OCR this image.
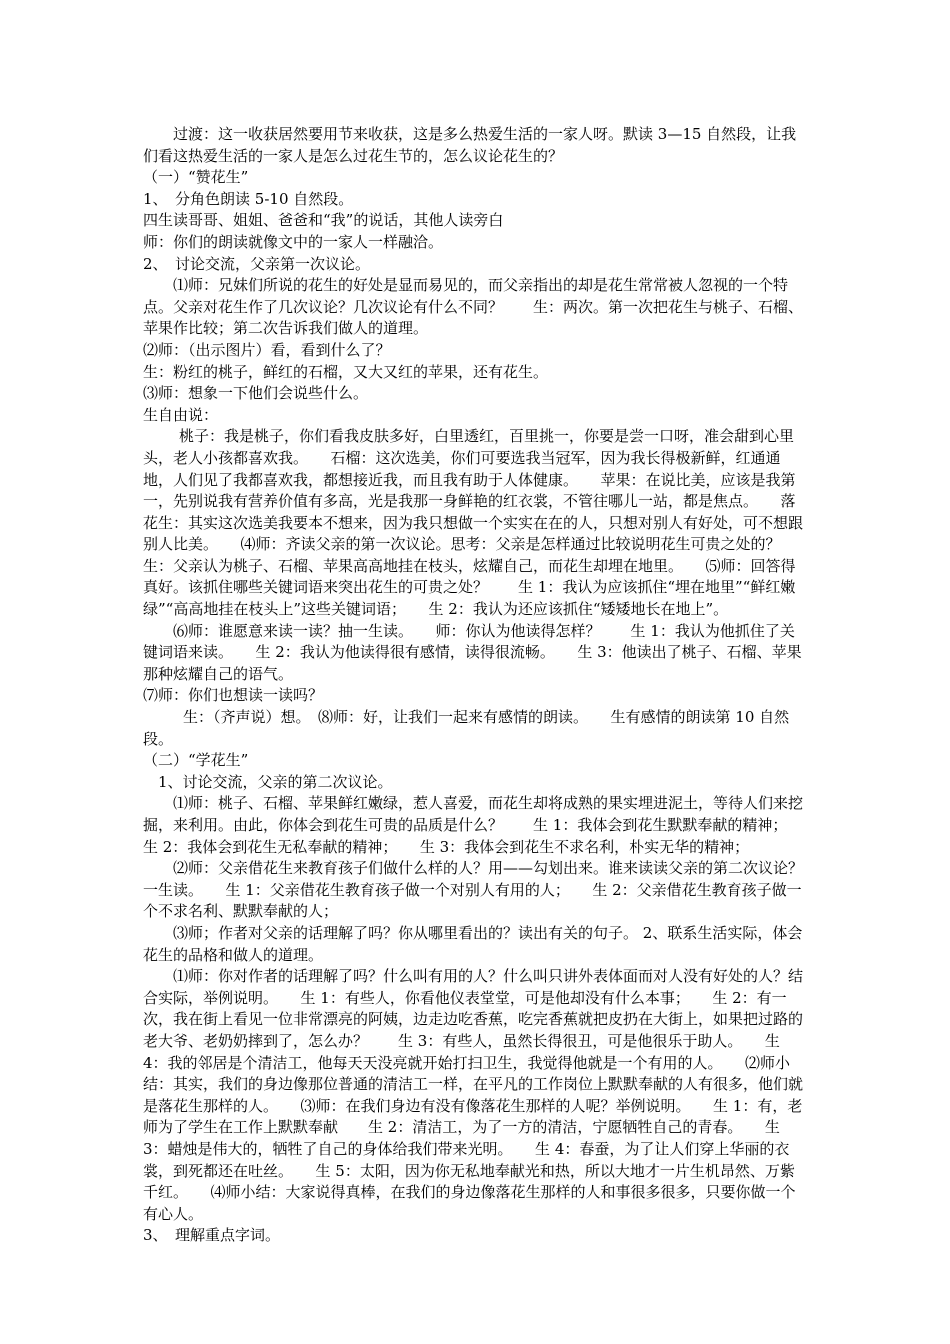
过渡：这一收获居然要用节来收获，这是多么热爱生活的一家人呀。默读 3—15 自然段，让我们看这热爱生活的一家人是怎么过花生节的，怎么议论花生的？

（一）“赞花生”

1、　分角色朗读 5-10 自然段。

四生读哥哥、姐姐、爸爸和“我”的说话，其他人读旁白

师：你们的朗读就像文中的一家人一样融洽。

2、　讨论交流，父亲第一次议论。

⑴师：兄妹们所说的花生的好处是显而易见的，而父亲指出的却是花生常常被人忽视的一个特点。父亲对花生作了几次议论？几次议论有什么不同？　　生：两次。第一次把花生与桃子、石榴、苹果作比较；第二次告诉我们做人的道理。

⑵师：（出示图片）看，看到什么了？

生：粉红的桃子，鲜红的石榴，又大又红的苹果，还有花生。

⑶师：想象一下他们会说些什么。

生自由说：

桃子：我是桃子，你们看我皮肤多好，白里透红，百里挑一，你要是尝一口呀，准会甜到心里头，老人小孩都喜欢我。　　石榴：这次选美，你们可要选我当冠军，因为我长得极新鲜，红通通地，人们见了我都喜欢我，都想接近我，而且我有助于人体健康。　　苹果：在说比美，应该是我第一，先别说我有营养价值有多高，光是我那一身鲜艳的红衣裳，不管往哪儿一站，都是焦点。　　落花生：其实这次选美我要本不想来，因为我只想做一个实实在在的人，只想对别人有好处，可不想跟别人比美。　　⑷师：齐读父亲的第一次议论。思考：父亲是怎样通过比较说明花生可贵之处的？　　生：父亲认为桃子、石榴、苹果高高地挂在枝头，炫耀自己，而花生却埋在地里。　　⑸师：回答得真好。该抓住哪些关键词语来突出花生的可贵之处？　　生 1：我认为应该抓住“埋在地里”“鲜红嫩绿”“高高地挂在枝头上”这些关键词语；　　生 2：我认为还应该抓住“矮矮地长在地上”。

⑹师：谁愿意来读一读？抽一生读。　　师：你认为他读得怎样？　　生 1：我认为他抓住了关键词语来读。　　生 2：我认为他读得很有感情，读得很流畅。　　生 3：他读出了桃子、石榴、苹果那种炫耀自己的语气。

⑺师：你们也想读一读吗？

生：（齐声说）想。　⑻师：好，让我们一起来有感情的朗读。　　生有感情的朗读第 10 自然段。

（二）“学花生”

1、讨论交流，父亲的第二次议论。

⑴师：桃子、石榴、苹果鲜红嫩绿，惹人喜爱，而花生却将成熟的果实埋进泥土，等待人们来挖掘，来利用。由此，你体会到花生可贵的品质是什么？　　生 1：我体会到花生默默奉献的精神；　　生 2：我体会到花生无私奉献的精神；　　生 3：我体会到花生不求名利，朴实无华的精神；

⑵师：父亲借花生来教育孩子们做什么样的人？用——勾划出来。谁来读读父亲的第二次议论？一生读。　　生 1：父亲借花生教育孩子做一个对别人有用的人；　　生 2：父亲借花生教育孩子做一个不求名利、默默奉献的人；

⑶师；作者对父亲的话理解了吗？你从哪里看出的？读出有关的句子。 2、联系生活实际，体会花生的品格和做人的道理。

⑴师：你对作者的话理解了吗？什么叫有用的人？什么叫只讲外表体面而对人没有好处的人？结合实际，举例说明。　　生 1：有些人，你看他仪表堂堂，可是他却没有什么本事；　　生 2：有一次，我在街上看见一位非常漂亮的阿姨，边走边吃香蕉，吃完香蕉就把皮扔在大街上，如果把过路的老大爷、老奶奶摔到了，怎么办？　　生 3：有些人，虽然长得很丑，可是他很乐于助人。　　生 4：我的邻居是个清洁工，他每天天没亮就开始打扫卫生，我觉得他就是一个有用的人。　　⑵师小结：其实，我们的身边像那位普通的清洁工一样，在平凡的工作岗位上默默奉献的人有很多，他们就是落花生那样的人。　　⑶师：在我们身边有没有像落花生那样的人呢？举例说明。　　生 1：有，老师为了学生在工作上默默奉献　　生 2：清洁工，为了一方的清洁，宁愿牺牲自己的青春。　　生 3：蜡烛是伟大的，牺牲了自己的身体给我们带来光明。　　生 4：春蚕，为了让人们穿上华丽的衣裳，到死都还在吐丝。　　生 5：太阳，因为你无私地奉献光和热，所以大地才一片生机昂然、万紫千红。　　⑷师小结：大家说得真棒，在我们的身边像落花生那样的人和事很多很多，只要你做一个有心人。

3、　理解重点字词。
